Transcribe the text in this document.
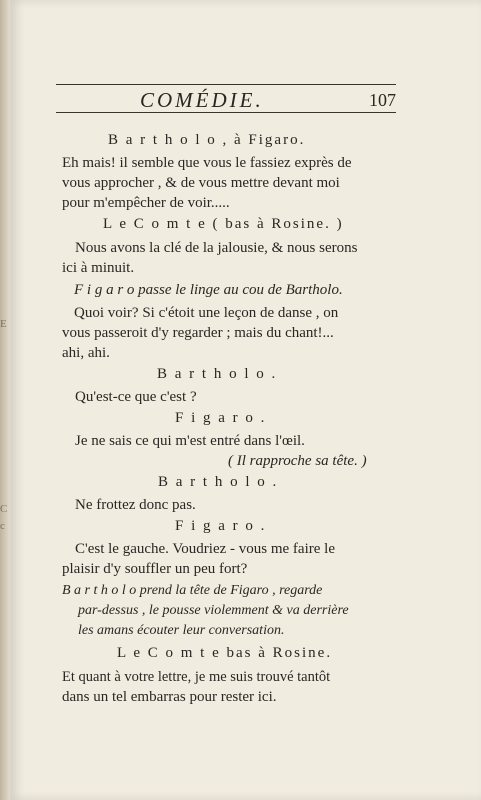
E
C
c
COMÉDIE.	107
B a r t h o l o , à Figaro.
Eh mais! il semble que vous le fassiez exprès de
vous approcher , & de vous mettre devant moi
pour m'empêcher de voir.....
L e C o m t e ( bas à Rosine. )
Nous avons la clé de la jalousie, & nous serons
ici à minuit.
F i g a r o passe le linge au cou de Bartholo.
Quoi voir? Si c'étoit une leçon de danse , on
vous passeroit d'y regarder ; mais du chant!...
ahi, ahi.
B a r t h o l o .
Qu'est-ce que c'est ?
F i g a r o .
Je ne sais ce qui m'est entré dans l'œil.
( Il rapproche sa tête. )
B a r t h o l o .
Ne frottez donc pas.
F i g a r o .
C'est le gauche. Voudriez - vous me faire le
plaisir d'y souffler un peu fort?
B a r t h o l o prend la tête de Figaro , regarde
par-dessus , le pousse violemment & va derrière
les amans écouter leur conversation.
L e C o m t e bas à Rosine.
Et quant à votre lettre, je me suis trouvé tantôt
dans un tel embarras pour rester ici.
